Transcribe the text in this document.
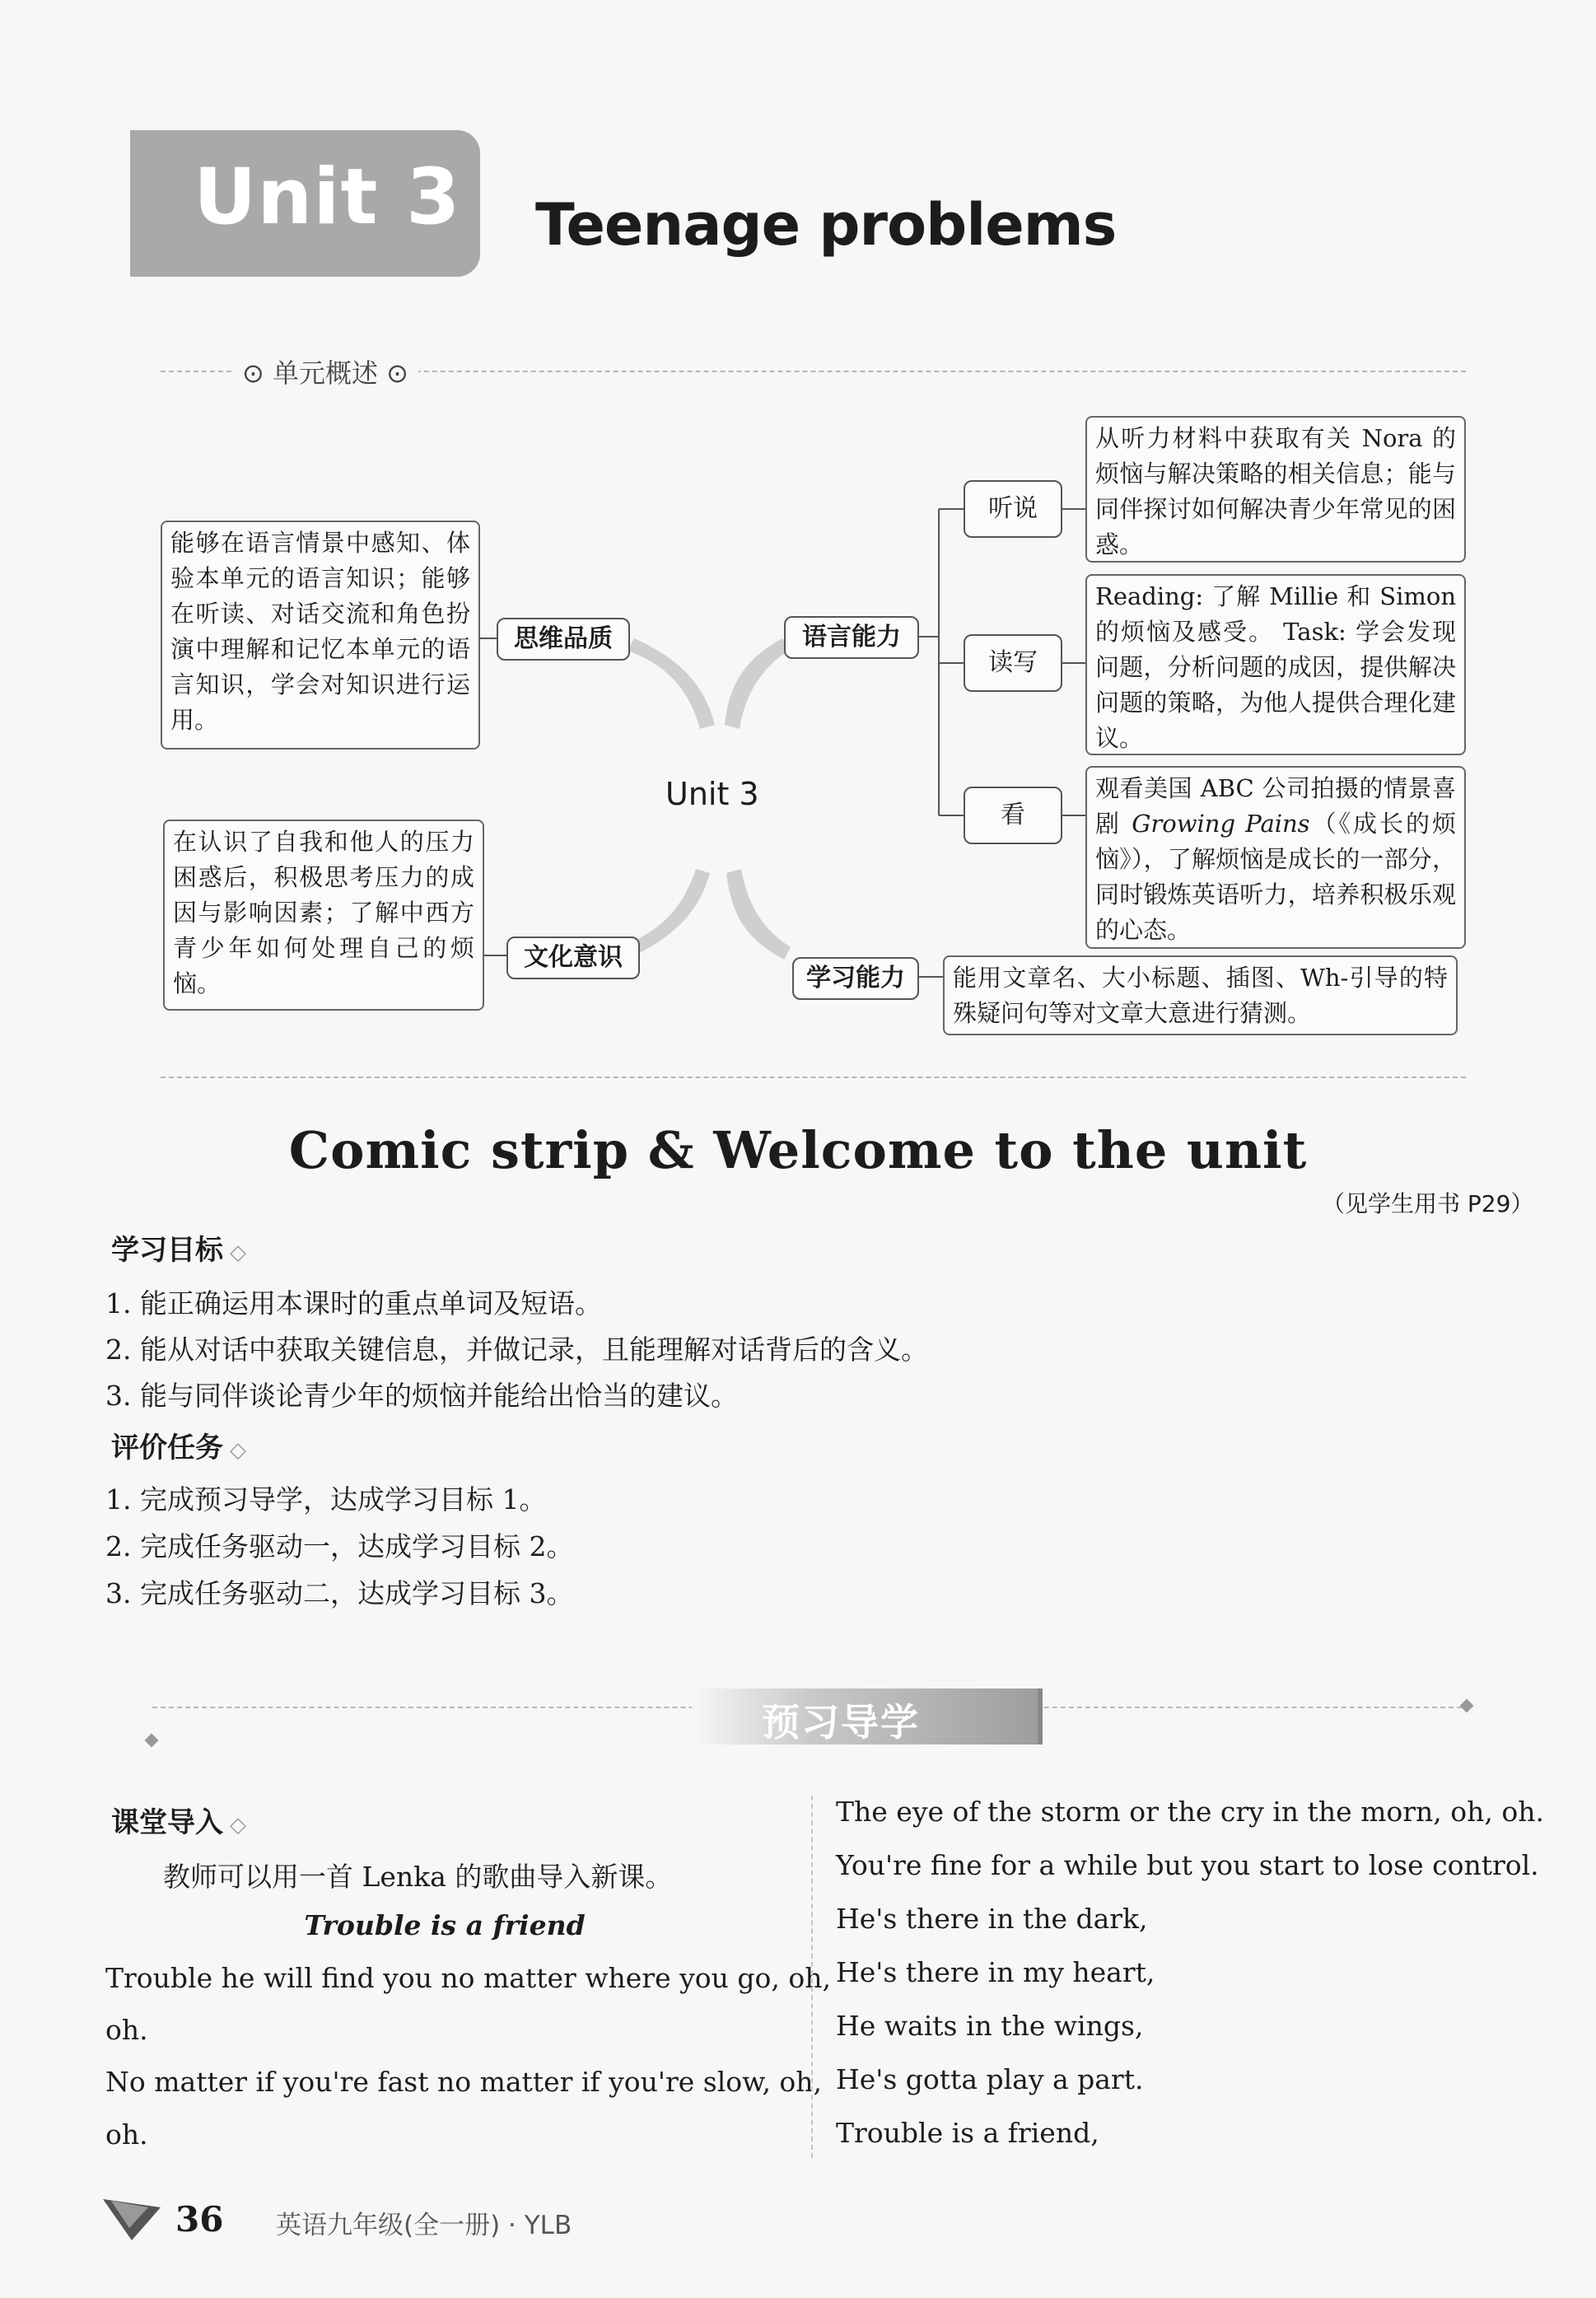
Unit 3 Teenage problems
⊙ 单元概述 ⊙
Unit 3
能够在语言情景中感知、体验本单元的语言知识；能够在听读、对话交流和角色扮演中理解和记忆本单元的语言知识，学会对知识进行运用。
思维品质
在认识了自我和他人的压力困惑后，积极思考压力的成因与影响因素；了解中西方青少年如何处理自己的烦恼。
文化意识
语言能力
学习能力
听说
读写
看
从听力材料中获取有关 Nora 的烦恼与解决策略的相关信息；能与同伴探讨如何解决青少年常见的困惑。
Reading: 了解 Millie 和 Simon 的烦恼及感受。 Task: 学会发现问题，分析问题的成因，提供解决问题的策略，为他人提供合理化建议。
观看美国 ABC 公司拍摄的情景喜剧 Growing Pains（《成长的烦恼》），了解烦恼是成长的一部分，同时锻炼英语听力，培养积极乐观的心态。
能用文章名、大小标题、插图、Wh-引导的特殊疑问句等对文章大意进行猜测。
Comic strip & Welcome to the unit
（见学生用书 P29）
学习目标 ◇
1. 能正确运用本课时的重点单词及短语。
2. 能从对话中获取关键信息，并做记录，且能理解对话背后的含义。
3. 能与同伴谈论青少年的烦恼并能给出恰当的建议。
评价任务 ◇
1. 完成预习导学，达成学习目标 1。
2. 完成任务驱动一，达成学习目标 2。
3. 完成任务驱动二，达成学习目标 3。
预习导学
课堂导入 ◇
教师可以用一首 Lenka 的歌曲导入新课。
Trouble is a friend
Trouble he will find you no matter where you go, oh,
oh.
No matter if you're fast no matter if you're slow, oh,
oh.
The eye of the storm or the cry in the morn, oh, oh.
You're fine for a while but you start to lose control.
He's there in the dark,
He's there in my heart,
He waits in the wings,
He's gotta play a part.
Trouble is a friend,
36 英语九年级(全一册) · YLB
